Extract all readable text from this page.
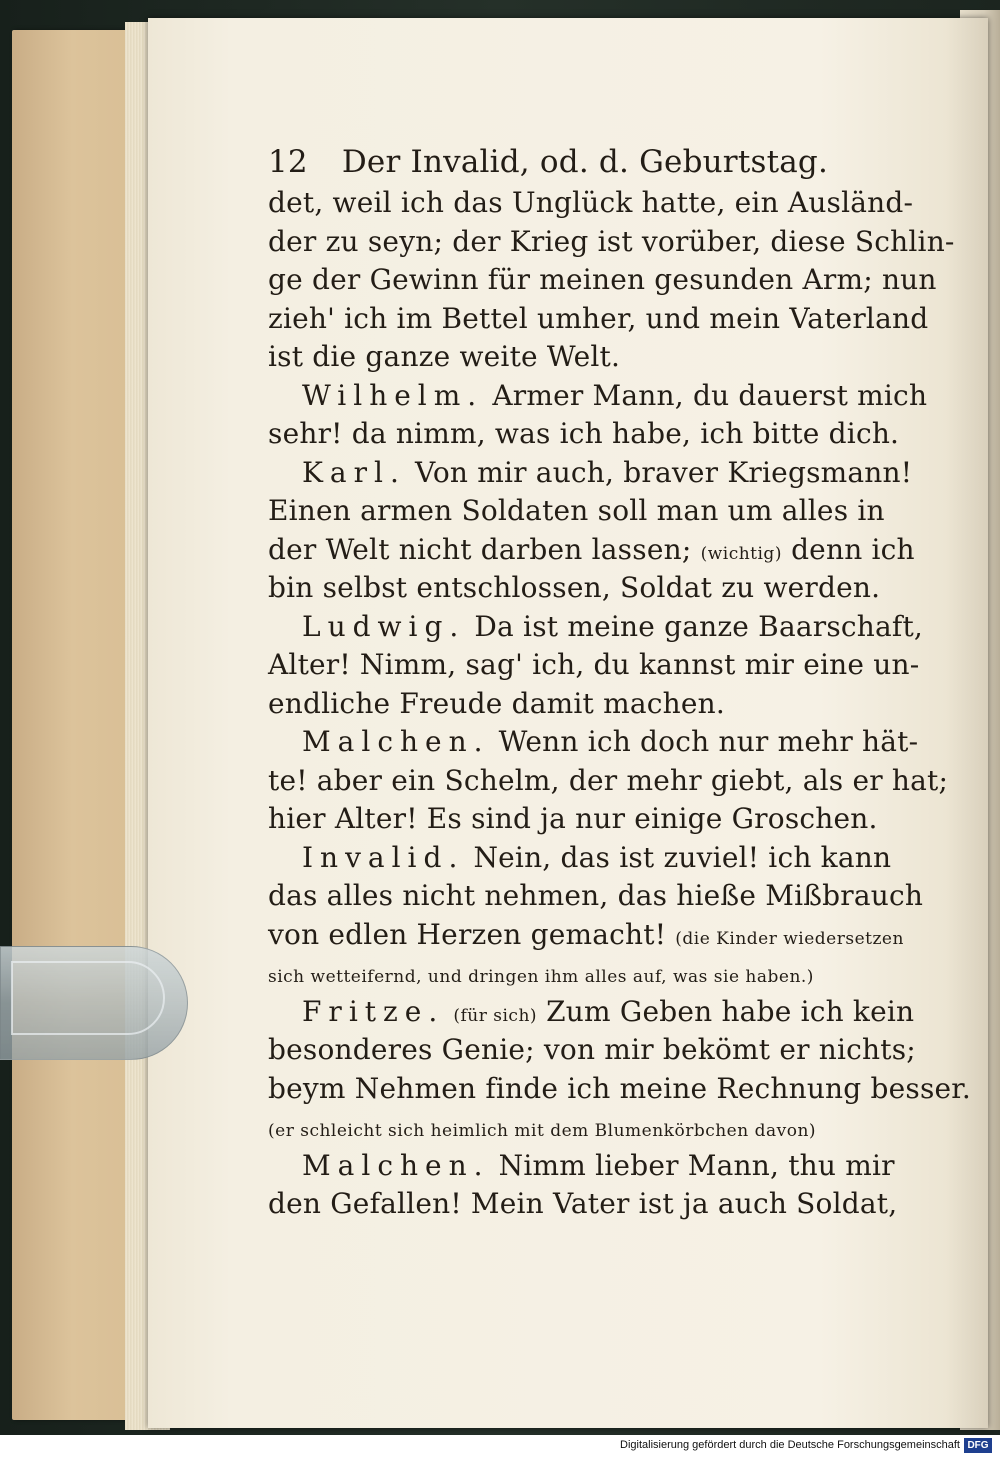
12 Der Invalid, od. d. Geburtstag.
det, weil ich das Unglück hatte, ein Ausländ-
der zu seyn; der Krieg ist vorüber, diese Schlin-
ge der Gewinn für meinen gesunden Arm; nun
zieh' ich im Bettel umher, und mein Vaterland
ist die ganze weite Welt.
Wilhelm. Armer Mann, du dauerst mich
sehr! da nimm, was ich habe, ich bitte dich.
Karl. Von mir auch, braver Kriegsmann!
Einen armen Soldaten soll man um alles in
der Welt nicht darben lassen; (wichtig) denn ich
bin selbst entschlossen, Soldat zu werden.
Ludwig. Da ist meine ganze Baarschaft,
Alter! Nimm, sag' ich, du kannst mir eine un-
endliche Freude damit machen.
Malchen. Wenn ich doch nur mehr hät-
te! aber ein Schelm, der mehr giebt, als er hat;
hier Alter! Es sind ja nur einige Groschen.
Invalid. Nein, das ist zuviel! ich kann
das alles nicht nehmen, das hieße Mißbrauch
von edlen Herzen gemacht! (die Kinder wiedersetzen
sich wetteifernd, und dringen ihm alles auf, was sie haben.)
Fritze. (für sich) Zum Geben habe ich kein
besonderes Genie; von mir bekömt er nichts;
beym Nehmen finde ich meine Rechnung besser.
(er schleicht sich heimlich mit dem Blumenkörbchen davon)
Malchen. Nimm lieber Mann, thu mir
den Gefallen! Mein Vater ist ja auch Soldat,
Digitalisierung gefördert durch die Deutsche Forschungsgemeinschaft DFG
